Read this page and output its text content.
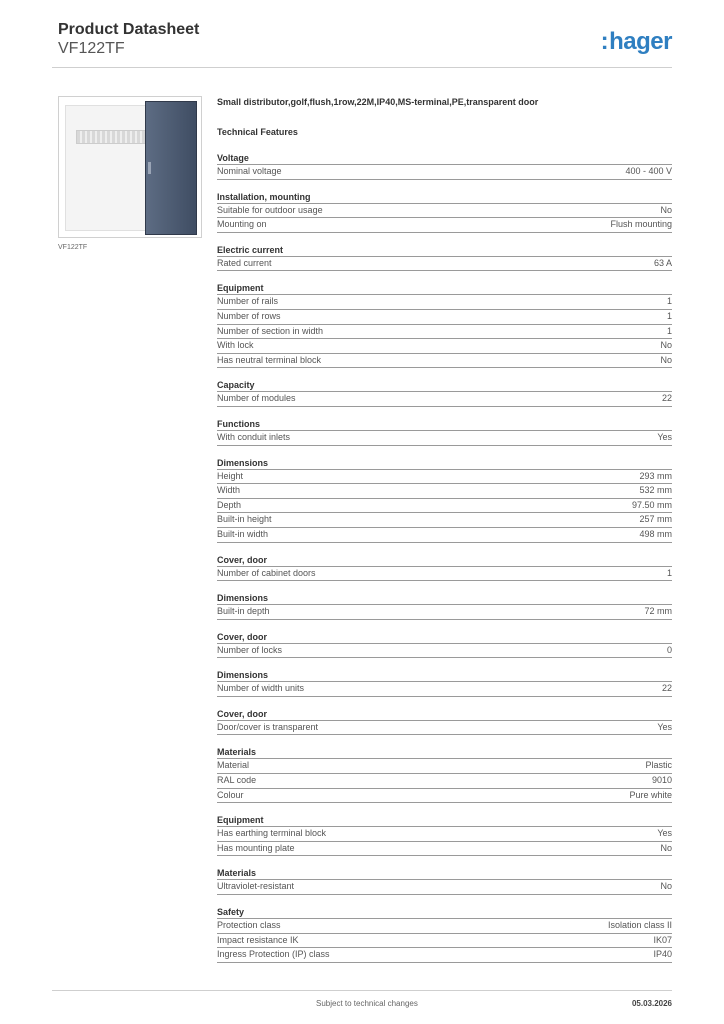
Product Datasheet
VF122TF	:hager
VF122TF
Small distributor,golf,flush,1row,22M,IP40,MS-terminal,PE,transparent door
Technical Features
Voltage
Nominal voltage	400 - 400 V
Installation, mounting
Suitable for outdoor usage	No
Mounting on	Flush mounting
Electric current
Rated current	63 A
Equipment
Number of rails	1
Number of rows	1
Number of section in width	1
With lock	No
Has neutral terminal block	No
Capacity
Number of modules	22
Functions
With conduit inlets	Yes
Dimensions
Height	293 mm
Width	532 mm
Depth	97.50 mm
Built-in height	257 mm
Built-in width	498 mm
Cover, door
Number of cabinet doors	1
Dimensions
Built-in depth	72 mm
Cover, door
Number of locks	0
Dimensions
Number of width units	22
Cover, door
Door/cover is transparent	Yes
Materials
Material	Plastic
RAL code	9010
Colour	Pure white
Equipment
Has earthing terminal block	Yes
Has mounting plate	No
Materials
Ultraviolet-resistant	No
Safety
Protection class	Isolation class II
Impact resistance IK	IK07
Ingress Protection (IP) class	IP40
Subject to technical changes	05.03.2026
